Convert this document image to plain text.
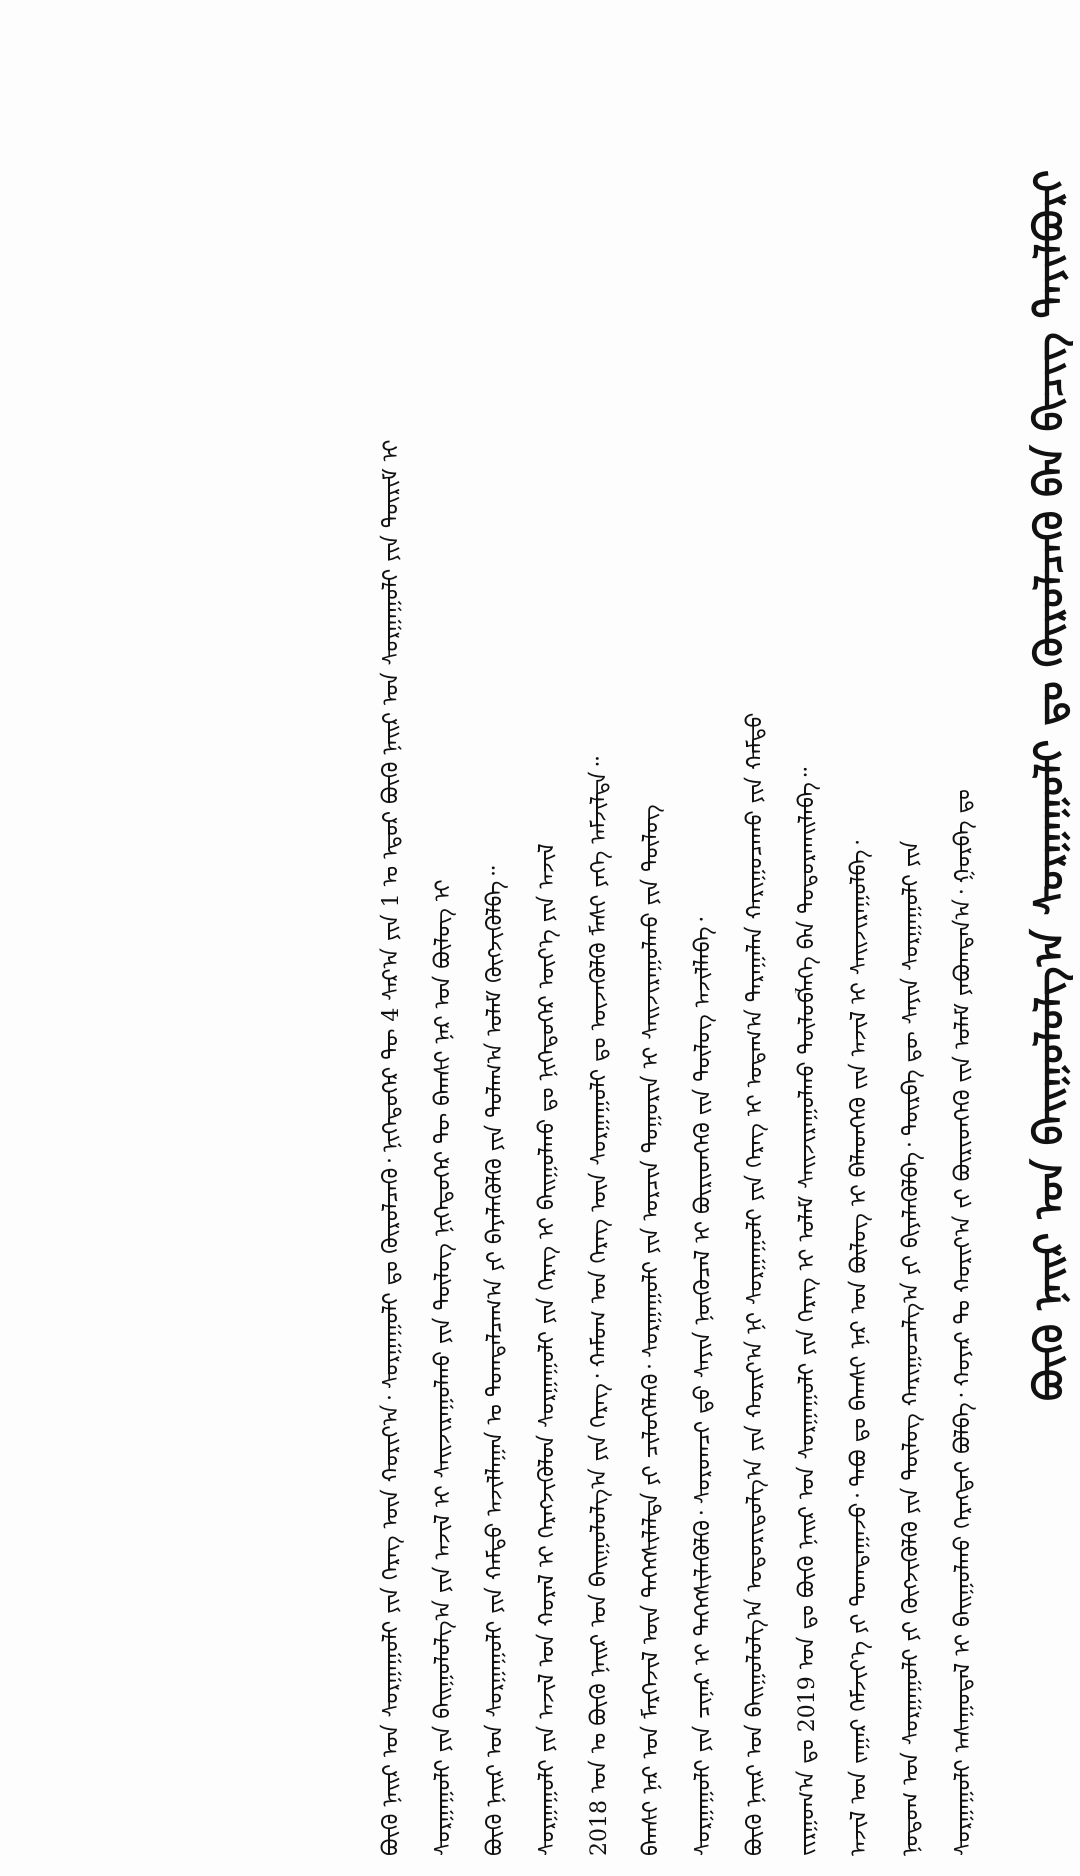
ᠪᠦᠬᠦ ᠨᠠᠢᠷ ᠤᠨ ᠪᠠᠢᠭᠤᠯᠤᠯᠭ᠎ᠠ ᠰᠤᠷᠭᠠᠭᠤᠯᠢ ᠳᠤ ᠬᠦᠷᠦᠯᠴᠡᠬᠦ ᠪᠠᠨ ᠪᠢᠴᠢᠭ ᠲᠠᠶᠢᠯᠪᠤᠷᠢ
ᠰᠤᠷᠭᠠᠭᠤᠯᠢ ᠠᠰᠠᠭᠤᠳᠠᠯ ᠢ ᠪᠠᠢᠭᠤᠯᠬᠤ ᠬᠡᠷᠡᠭᠲᠡᠢ ᠪᠣᠯᠪᠠ᠂ ᠬᠣᠶᠠᠷ ᠲᠤ ᠬᠣᠷᠢᠶ᠎ᠠ ᠵᠢ ᠪᠦᠷᠢᠳᠬᠡᠬᠦ ᠵᠢᠨ ᠤᠯᠠᠮ ᠶᠠᠪᠤᠭᠳᠠᠨ᠎ᠠ᠂ ᠭᠤᠷᠪᠠ ᠳᠤ
ᠨᠤᠲᠤᠭ ᠤᠨ ᠰᠤᠷᠭᠠᠭᠤᠯᠢ ᠶᠢ ᠬᠥᠭᠵᠢᠭᠦᠯᠬᠦ ᠶᠢᠨ ᠲᠥᠯᠦᠭ ᠬᠠᠷᠢᠭᠤᠴᠠᠯᠭ᠎ᠠ ᠶᠢ ᠪᠢᠶᠡᠯᠡᠭᠦᠯᠪᠡ᠂ ᠳᠥᠷᠪᠡ ᠳᠦ ᠰᠠᠶᠢᠨ ᠰᠤᠷᠭᠠᠭᠤᠯᠢ ᠶᠢᠨ
ᠠᠵᠢᠯ ᠤᠨ ᠵᠠᠭᠠᠷ ᠬᠡᠮᠵᠢᠶ᠎ᠡ ᠶᠢ ᠲᠣᠭᠲᠠᠭᠠᠵᠤ᠂ ᠲᠠᠪᠤ ᠳᠤ ᠪᠠᠭᠰᠢ ᠨᠠᠷ ᠤᠨ ᠪᠦᠯᠦᠭ ᠢ ᠪᠡᠯᠡᠳᠭᠡᠬᠦ ᠵᠢᠨ ᠠᠵᠢᠯ ᠢ ᠰᠠᠢᠵᠢᠷᠠᠭᠤᠯᠪᠠ᠂
ᠵᠢᠷᠭᠤᠭ᠎ᠠ ᠳᠤ 2019 ᠣᠨ ᠳᠤ ᠪᠦᠬᠦ ᠨᠠᠢᠷ ᠤᠨ ᠰᠤᠷᠭᠠᠭᠤᠯᠢ ᠶᠢᠨ ᠬᠡᠷᠡᠭ ᠢ ᠤᠯᠠᠮ ᠰᠠᠢᠵᠢᠷᠠᠭᠤᠯᠬᠤ ᠲᠥᠯᠦᠪᠯᠡᠭᠡ ᠪᠠᠨ ᠲᠣᠳᠣᠷᠬᠠᠢᠯᠠᠪᠠ᠃
ᠪᠦᠬᠦ ᠨᠠᠢᠷ ᠤᠨ ᠪᠠᠢᠭᠤᠯᠤᠯᠭ᠎ᠠ ᠤᠳᠤᠷᠢᠳᠤᠯᠭ᠎ᠠ ᠶᠢᠨ ᠬᠣᠷᠢᠶ᠎ᠠ ᠨᠢ ᠰᠤᠷᠭᠠᠭᠤᠯᠢ ᠶᠢᠨ ᠬᠡᠷᠡᠭ ᠢ ᠤᠳᠠᠭ᠎ᠠ ᠳᠠᠷᠠᠭᠠᠯᠠᠨ ᠬᠠᠷᠢᠭᠤᠴᠠᠬᠤ ᠶᠢᠨ ᠬᠠᠮᠲᠤ
ᠰᠤᠷᠭᠠᠭᠤᠯᠢ ᠶᠢᠨ ᠴᠢᠨᠠᠷ ᠢ ᠳᠡᠭᠡᠭᠰᠢᠯᠡᠭᠦᠯᠬᠦ᠂ ᠰᠤᠷᠤᠭᠴᠢ ᠳ᠋ᠤ ᠰᠠᠶᠢᠨ ᠨᠥᠬᠦᠴᠡᠯ ᠢ ᠪᠦᠷᠢᠳᠬᠡᠬᠦ ᠵᠢᠨ ᠲᠥᠯᠦᠭ ᠠᠵᠢᠯᠯᠠᠪᠠ᠂
ᠪᠠᠭᠰᠢ ᠨᠠᠷ ᠤᠨ ᠮᠡᠷᠭᠡᠵᠢᠯ ᠦᠨ ᠳᠡᠭᠡᠭᠰᠢᠯᠡᠯᠲᠡ ᠶᠢ ᠴᠢᠯᠦᠭᠡᠯᠡᠬᠦ᠂ ᠰᠤᠷᠭᠠᠭᠤᠯᠢ ᠶᠢᠨ ᠣᠷᠴᠢᠨ ᠲᠣᠭᠣᠷᠢᠨ ᠢ ᠰᠠᠢᠵᠢᠷᠠᠭᠤᠯᠬᠤ ᠶᠢᠨ ᠲᠥᠯᠦᠭ
2018 ᠣᠨ ᠤ ᠪᠦᠬᠦ ᠨᠠᠢᠷ ᠤᠨ ᠪᠠᠢᠭᠤᠯᠤᠯᠭ᠎ᠠ ᠶᠢᠨ ᠬᠡᠷᠡᠭ᠂ ᠬᠠᠮᠤᠭ ᠤᠨ ᠬᠡᠷᠡᠭ ᠦᠨ ᠰᠤᠷᠭᠠᠭᠤᠯᠢ ᠳᠤ ᠦᠵᠡᠭᠦᠯᠬᠦ ᠮᠠᠰᠢ ᠶᠡᠬᠡ ᠠᠮᠵᠢᠯᠲᠠ᠃
ᠰᠤᠷᠭᠠᠭᠤᠯᠢ ᠶᠢᠨ ᠠᠵᠢᠯ ᠤᠨ ᠬᠤᠷᠠᠯ ᠢ ᠬᠡᠷᠡᠭᠵᠢᠭᠦᠯᠦᠨ ᠰᠤᠷᠭᠠᠭᠤᠯᠢ ᠶᠢᠨ ᠬᠡᠷᠡᠭ ᠢ ᠪᠠᠢᠭᠤᠯᠬᠤ ᠳᠤ ᠨᠢᠭᠡᠳᠦᠭᠡᠷ ᠦᠶ᠎ᠡ ᠶᠢᠨ ᠠᠵᠢᠯ
ᠪᠦᠬᠦ ᠨᠠᠢᠷ ᠤᠨ ᠰᠤᠷᠭᠠᠭᠤᠯᠢ ᠶᠢᠨ ᠬᠠᠮᠲᠤ ᠠᠵᠢᠯᠯᠠᠭᠠᠨ ᠤ ᠲᠣᠭᠲᠠᠯᠴᠠᠭ᠎ᠠ ᠶᠢ ᠪᠡᠶᠡᠯᠡᠭᠦᠯᠬᠦ ᠶᠢᠨ ᠳᠤᠯᠠᠭ᠎ᠠ ᠤᠯᠠᠮ ᠬᠥᠭᠵᠢᠭᠦᠯᠪᠡ᠃
ᠰᠤᠷᠭᠠᠭᠤᠯᠢ ᠶᠢᠨ ᠪᠠᠢᠭᠤᠯᠤᠯᠭ᠎ᠠ ᠶᠢᠨ ᠠᠵᠢᠯ ᠢ ᠰᠠᠢᠵᠢᠷᠠᠭᠤᠯᠬᠤ ᠶᠢᠨ ᠲᠥᠯᠦᠭ ᠨᠢᠭᠡᠳᠦᠭᠡᠷ ᠲᠦ ᠪᠠᠭᠰᠢ ᠨᠠᠷ ᠤᠨ ᠪᠦᠯᠦᠭ ᠢ
ᠪᠦᠬᠦ ᠨᠠᠢᠷ ᠤᠨ ᠰᠤᠷᠭᠠᠭᠤᠯᠢ ᠶᠢᠨ ᠬᠡᠷᠡᠭ ᠦᠨ ᠬᠣᠷᠢᠶ᠎ᠠ᠂ ᠰᠤᠷᠭᠠᠭᠤᠯᠢ ᠳᠤ ᠬᠦᠷᠦᠯᠴᠡᠬᠦ᠂ ᠨᠢᠭᠡᠳᠦᠭᠡᠷ ᠲᠦ 4 ᠰᠠᠷ᠎ᠠ ᠶᠢᠨ 1 ᠤ ᠡᠳᠦᠷ ᠪᠦᠬᠦ ᠨᠠᠢᠷ ᠤᠨ ᠰᠤᠷᠭᠠᠭᠤᠯᠢ ᠶᠢᠨ ᠳᠦᠷᠢᠮ ᠢ
